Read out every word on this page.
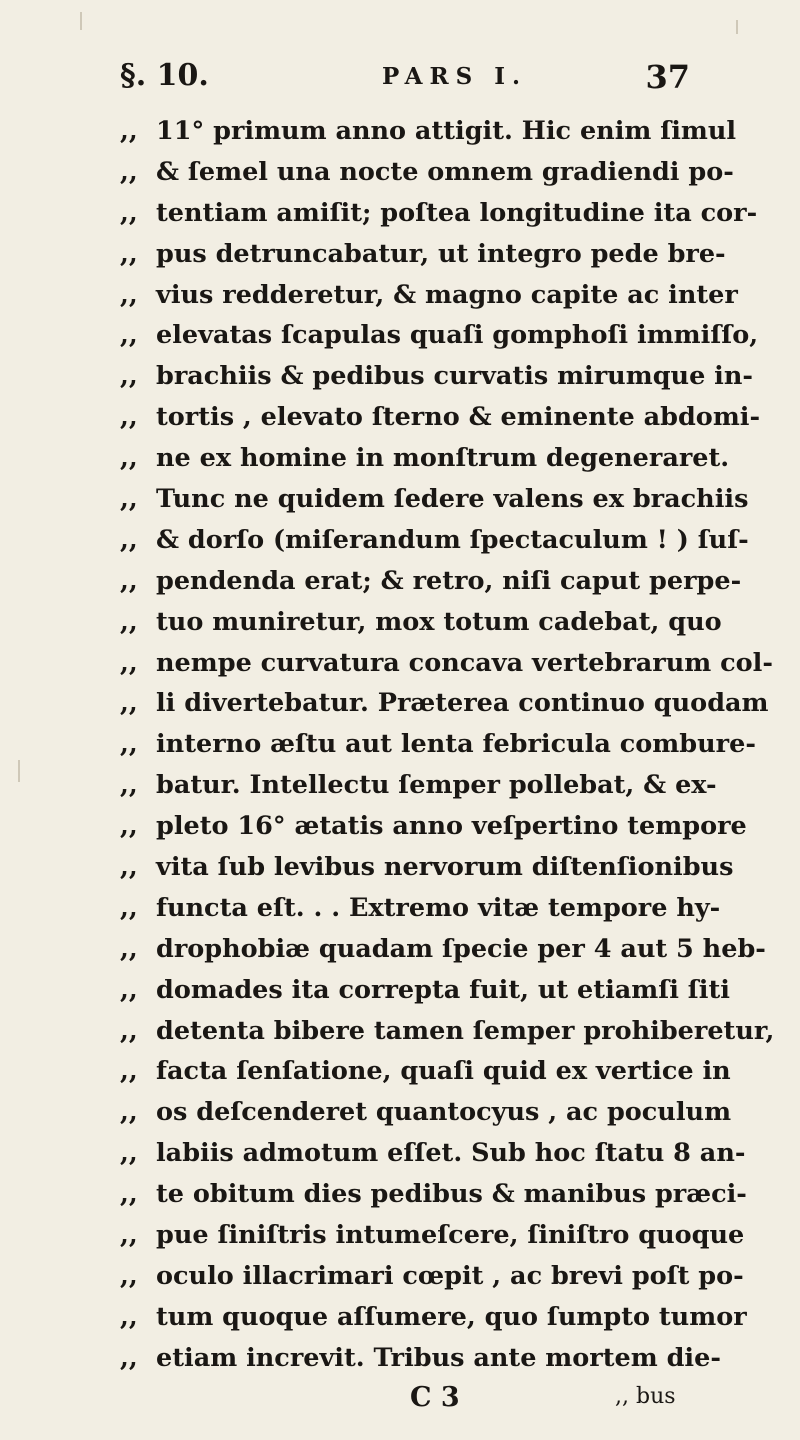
§. 10.	PARS I.	37
,, 11° primum anno attigit. Hic enim ſimul
,, & ſemel una nocte omnem gradiendi po-
,, tentiam amiſit; poſtea longitudine ita cor-
,, pus detruncabatur, ut integro pede bre-
,, vius redderetur, & magno capite ac inter
,, elevatas ſcapulas quaſi gomphoſi immiſſo,
,, brachiis & pedibus curvatis mirumque in-
,, tortis , elevato ſterno & eminente abdomi-
,, ne ex homine in monſtrum degeneraret.
,, Tunc ne quidem ſedere valens ex brachiis
,, & dorſo (miſerandum ſpectaculum ! ) ſuſ-
,, pendenda erat; & retro, niſi caput perpe-
,, tuo muniretur, mox totum cadebat, quo
,, nempe curvatura concava vertebrarum col-
,, li divertebatur. Præterea continuo quodam
,, interno æſtu aut lenta febricula combure-
,, batur. Intellectu ſemper pollebat, & ex-
,, pleto 16° ætatis anno veſpertino tempore
,, vita ſub levibus nervorum diſtenſionibus
,, functa eſt. . . Extremo vitæ tempore hy-
,, drophobiæ quadam ſpecie per 4 aut 5 heb-
,, domades ita correpta fuit, ut etiamſi ſiti
,, detenta bibere tamen ſemper prohiberetur,
,, facta ſenſatione, quaſi quid ex vertice in
,, os deſcenderet quantocyus , ac poculum
,, labiis admotum eſſet. Sub hoc ſtatu 8 an-
,, te obitum dies pedibus & manibus præci-
,, pue ſiniſtris intumeſcere, ſiniſtro quoque
,, oculo illacrimari cœpit , ac brevi poſt po-
,, tum quoque aſſumere, quo ſumpto tumor
,, etiam increvit. Tribus ante mortem die-
C 3	,, bus
